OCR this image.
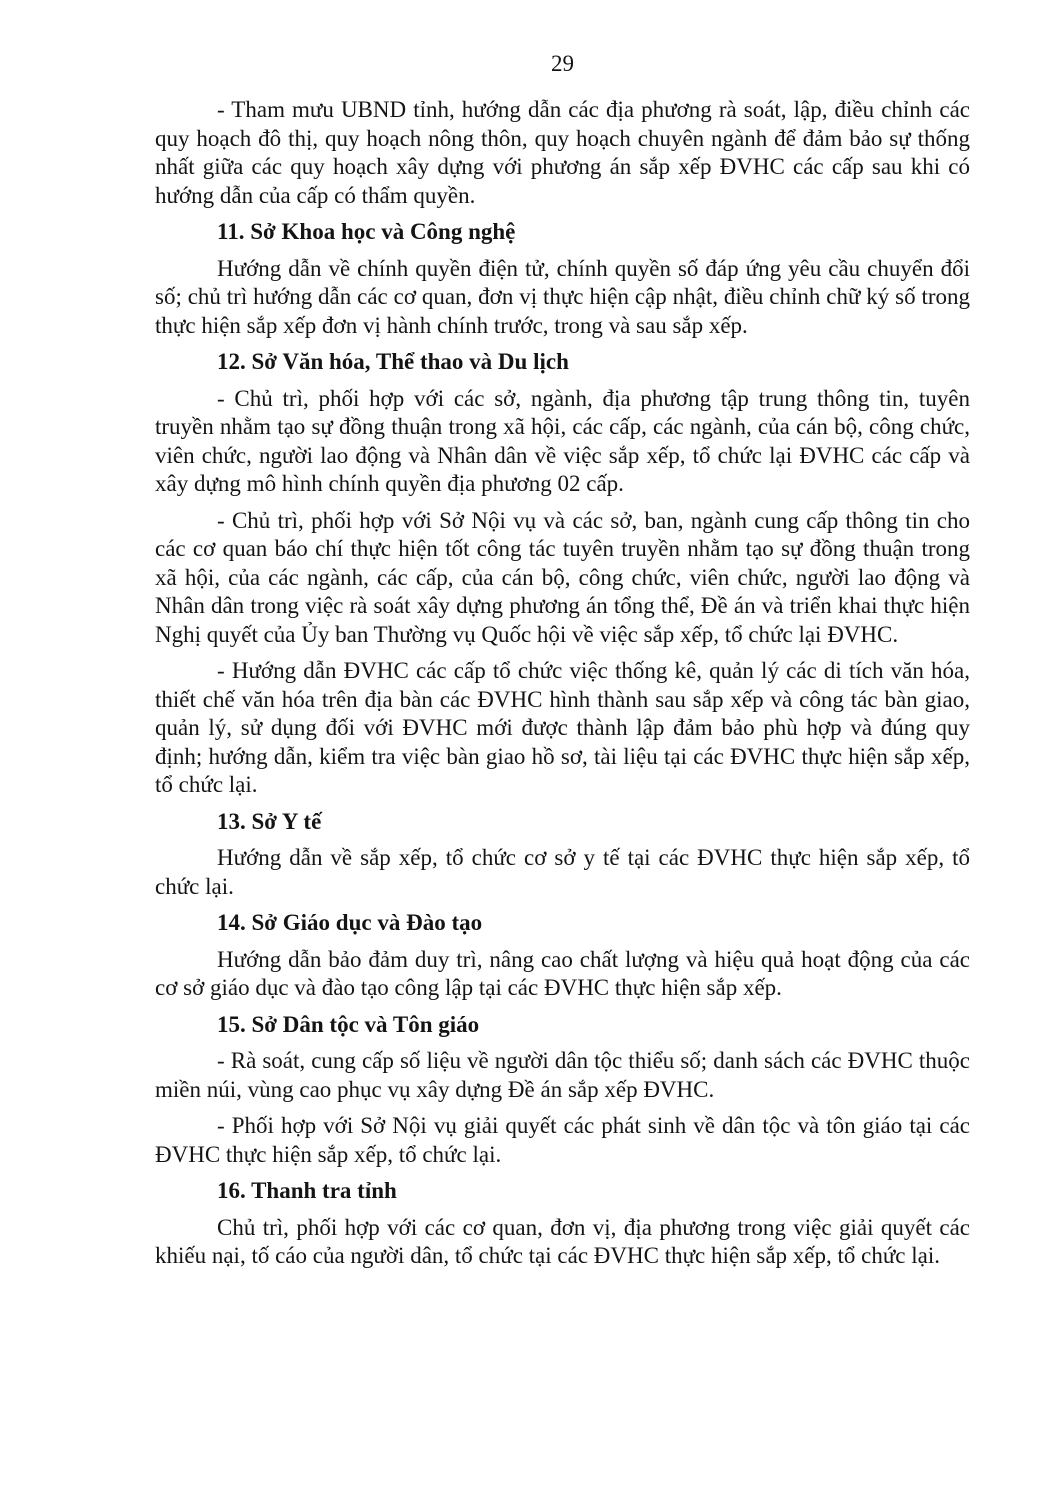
29

- Tham mưu UBND tỉnh, hướng dẫn các địa phương rà soát, lập, điều chỉnh các quy hoạch đô thị, quy hoạch nông thôn, quy hoạch chuyên ngành để đảm bảo sự thống nhất giữa các quy hoạch xây dựng với phương án sắp xếp ĐVHC các cấp sau khi có hướng dẫn của cấp có thẩm quyền.

11. Sở Khoa học và Công nghệ

Hướng dẫn về chính quyền điện tử, chính quyền số đáp ứng yêu cầu chuyển đổi số; chủ trì hướng dẫn các cơ quan, đơn vị thực hiện cập nhật, điều chỉnh chữ ký số trong thực hiện sắp xếp đơn vị hành chính trước, trong và sau sắp xếp.

12. Sở Văn hóa, Thể thao và Du lịch

- Chủ trì, phối hợp với các sở, ngành, địa phương tập trung thông tin, tuyên truyền nhằm tạo sự đồng thuận trong xã hội, các cấp, các ngành, của cán bộ, công chức, viên chức, người lao động và Nhân dân về việc sắp xếp, tổ chức lại ĐVHC các cấp và xây dựng mô hình chính quyền địa phương 02 cấp.

- Chủ trì, phối hợp với Sở Nội vụ và các sở, ban, ngành cung cấp thông tin cho các cơ quan báo chí thực hiện tốt công tác tuyên truyền nhằm tạo sự đồng thuận trong xã hội, của các ngành, các cấp, của cán bộ, công chức, viên chức, người lao động và Nhân dân trong việc rà soát xây dựng phương án tổng thể, Đề án và triển khai thực hiện Nghị quyết của Ủy ban Thường vụ Quốc hội về việc sắp xếp, tổ chức lại ĐVHC.

- Hướng dẫn ĐVHC các cấp tổ chức việc thống kê, quản lý các di tích văn hóa, thiết chế văn hóa trên địa bàn các ĐVHC hình thành sau sắp xếp và công tác bàn giao, quản lý, sử dụng đối với ĐVHC mới được thành lập đảm bảo phù hợp và đúng quy định; hướng dẫn, kiểm tra việc bàn giao hồ sơ, tài liệu tại các ĐVHC thực hiện sắp xếp, tổ chức lại.

13. Sở Y tế

Hướng dẫn về sắp xếp, tổ chức cơ sở y tế tại các ĐVHC thực hiện sắp xếp, tổ chức lại.

14. Sở Giáo dục và Đào tạo

Hướng dẫn bảo đảm duy trì, nâng cao chất lượng và hiệu quả hoạt động của các cơ sở giáo dục và đào tạo công lập tại các ĐVHC thực hiện sắp xếp.

15. Sở Dân tộc và Tôn giáo

- Rà soát, cung cấp số liệu về người dân tộc thiểu số; danh sách các ĐVHC thuộc miền núi, vùng cao phục vụ xây dựng Đề án sắp xếp ĐVHC.

- Phối hợp với Sở Nội vụ giải quyết các phát sinh về dân tộc và tôn giáo tại các ĐVHC thực hiện sắp xếp, tổ chức lại.

16. Thanh tra tỉnh

Chủ trì, phối hợp với các cơ quan, đơn vị, địa phương trong việc giải quyết các khiếu nại, tố cáo của người dân, tổ chức tại các ĐVHC thực hiện sắp xếp, tổ chức lại.
